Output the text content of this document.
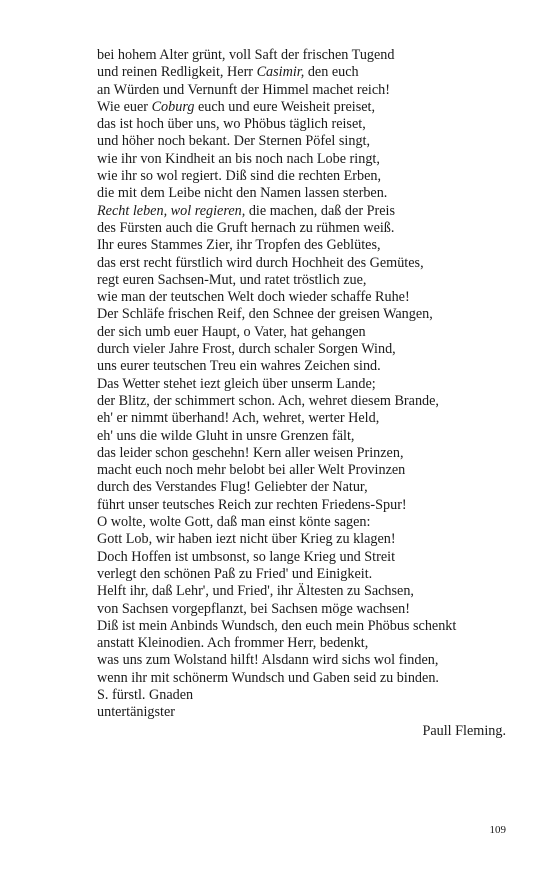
bei hohem Alter grünt, voll Saft der frischen Tugend
und reinen Redligkeit, Herr Casimir, den euch
an Würden und Vernunft der Himmel machet reich!
Wie euer Coburg euch und eure Weisheit preiset,
das ist hoch über uns, wo Phöbus täglich reiset,
und höher noch bekant. Der Sternen Pöfel singt,
wie ihr von Kindheit an bis noch nach Lobe ringt,
wie ihr so wol regiert. Diß sind die rechten Erben,
die mit dem Leibe nicht den Namen lassen sterben.
Recht leben, wol regieren, die machen, daß der Preis
des Fürsten auch die Gruft hernach zu rühmen weiß.
Ihr eures Stammes Zier, ihr Tropfen des Geblütes,
das erst recht fürstlich wird durch Hochheit des Gemütes,
regt euren Sachsen-Mut, und ratet tröstlich zue,
wie man der teutschen Welt doch wieder schaffe Ruhe!
Der Schläfe frischen Reif, den Schnee der greisen Wangen,
der sich umb euer Haupt, o Vater, hat gehangen
durch vieler Jahre Frost, durch schaler Sorgen Wind,
uns eurer teutschen Treu ein wahres Zeichen sind.
Das Wetter stehet iezt gleich über unserm Lande;
der Blitz, der schimmert schon. Ach, wehret diesem Brande,
eh' er nimmt überhand! Ach, wehret, werter Held,
eh' uns die wilde Gluht in unsre Grenzen fält,
das leider schon geschehn! Kern aller weisen Prinzen,
macht euch noch mehr belobt bei aller Welt Provinzen
durch des Verstandes Flug! Geliebter der Natur,
führt unser teutsches Reich zur rechten Friedens-Spur!
O wolte, wolte Gott, daß man einst könte sagen:
Gott Lob, wir haben iezt nicht über Krieg zu klagen!
Doch Hoffen ist umbsonst, so lange Krieg und Streit
verlegt den schönen Paß zu Fried' und Einigkeit.
Helft ihr, daß Lehr', und Fried', ihr Ältesten zu Sachsen,
von Sachsen vorgepflanzt, bei Sachsen möge wachsen!
Diß ist mein Anbinds Wundsch, den euch mein Phöbus schenkt
anstatt Kleinodien. Ach frommer Herr, bedenkt,
was uns zum Wolstand hilft! Alsdann wird sichs wol finden,
wenn ihr mit schönerm Wundsch und Gaben seid zu binden.
S. fürstl. Gnaden
untertänigster
Paull Fleming.
109
